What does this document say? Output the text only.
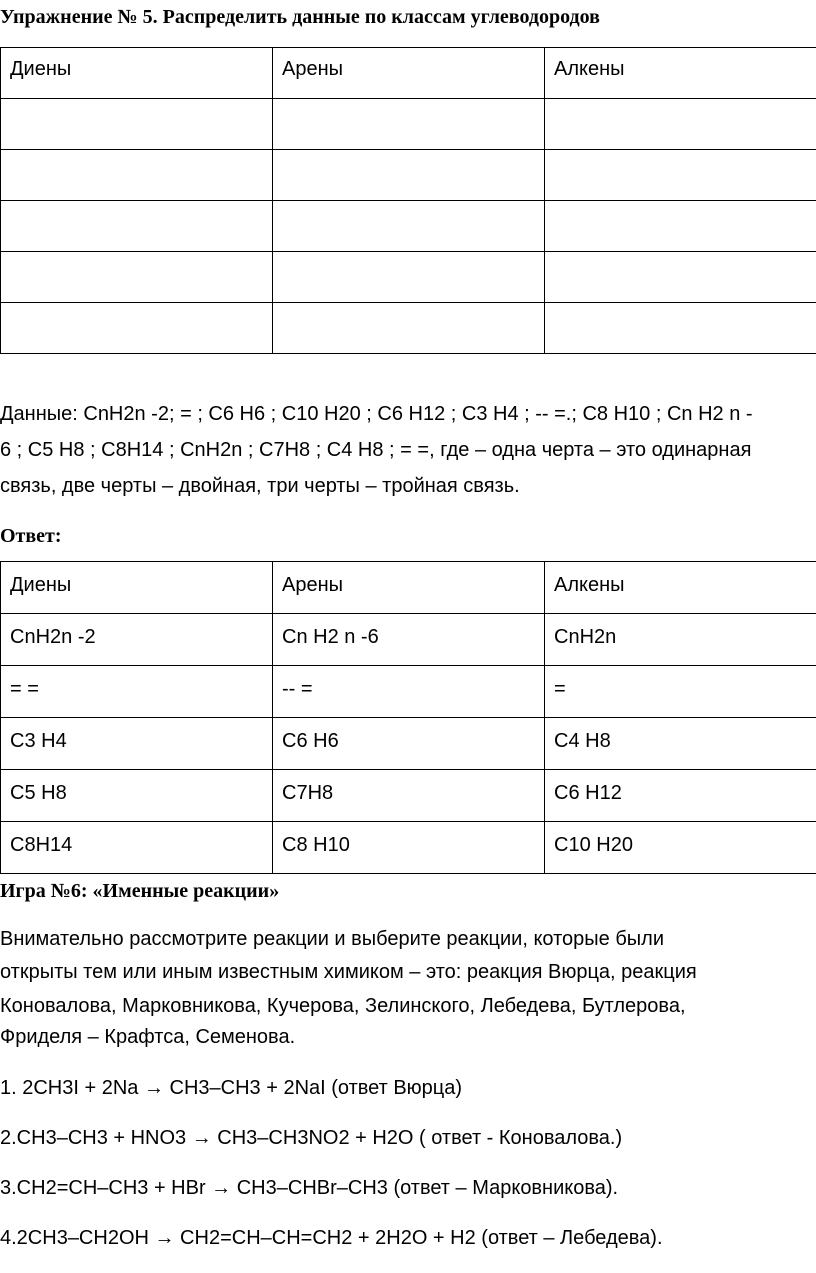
Упражнение № 5. Распределить данные по классам углеводородов
Диены	Арены	Алкены

Данные: CnH2n -2; = ; C6 H6 ; C10 H20 ; C6 H12 ; C3 H4 ; -- =.; C8 H10 ; Cn H2 n -
6 ; C5 H8 ; C8H14 ; CnH2n ; C7H8 ; C4 H8 ; = =, где – одна черта – это одинарная
связь, две черты – двойная, три черты – тройная связь.
Ответ:
Диены	Арены	Алкены
CnH2n -2	Cn H2 n -6	CnH2n
= =	-- =	=
C3 H4	C6 H6	C4 H8
C5 H8	C7H8	C6 H12
C8H14	C8 H10	C10 H20
Игра №6: «Именные реакции»
Внимательно рассмотрите реакции и выберите реакции, которые были
открыты тем или иным известным химиком – это: реакция Вюрца, реакция
Коновалова, Марковникова, Кучерова, Зелинского, Лебедева, Бутлерова,
Фриделя – Крафтса, Семенова.
1. 2CH3I + 2Na → CH3–CH3 + 2NaI (ответ Вюрца)
2.CH3–CH3 + HNO3 → CH3–CH3NO2 + H2O ( ответ - Коновалова.)
3.CH2=CH–CH3 + HBr → CH3–CHBr–CH3 (ответ – Марковникова).
4.2CH3–CH2OH → CH2=CH–CH=CH2 + 2H2O + H2 (ответ – Лебедева).
